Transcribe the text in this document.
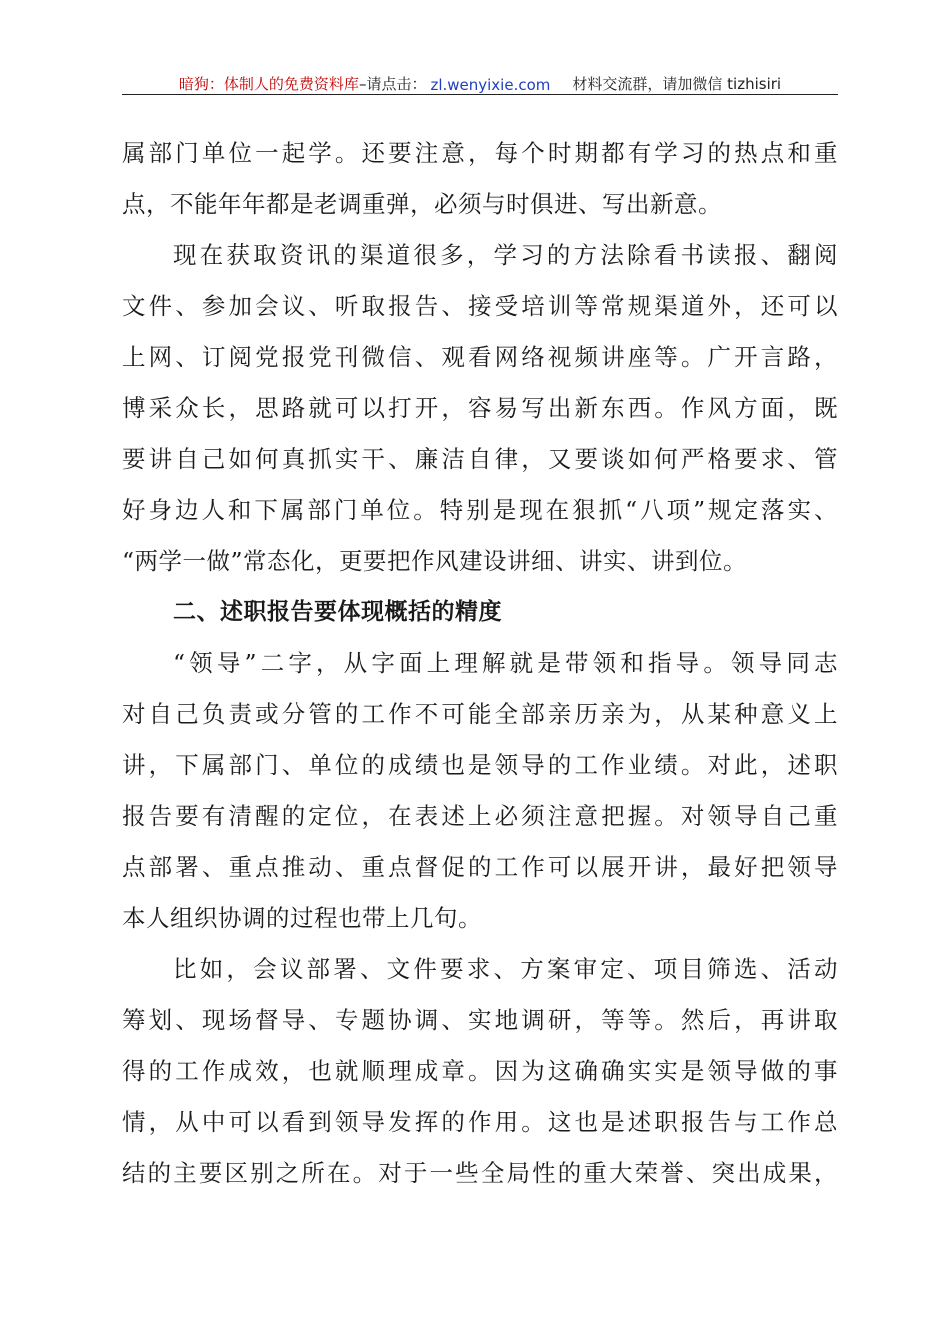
暗狗：体制人的免费资料库 –请点击： zl.wenyixie.com 材料交流群，请加微信 tizhisiri
属部门单位一起学。还要注意，每个时期都有学习的热点和重
点，不能年年都是老调重弹，必须与时俱进、写出新意。
现在获取资讯的渠道很多，学习的方法除看书读报、翻阅
文件、参加会议、听取报告、接受培训等常规渠道外，还可以
上网、订阅党报党刊微信、观看网络视频讲座等。广开言路，
博采众长，思路就可以打开，容易写出新东西。作风方面，既
要讲自己如何真抓实干、廉洁自律，又要谈如何严格要求、管
好身边人和下属部门单位。特别是现在狠抓“八项”规定落实、
“两学一做”常态化，更要把作风建设讲细、讲实、讲到位。
二、述职报告要体现概括的精度
“领导”二字，从字面上理解就是带领和指导。领导同志
对自己负责或分管的工作不可能全部亲历亲为，从某种意义上
讲，下属部门、单位的成绩也是领导的工作业绩。对此，述职
报告要有清醒的定位，在表述上必须注意把握。对领导自己重
点部署、重点推动、重点督促的工作可以展开讲，最好把领导
本人组织协调的过程也带上几句。
比如，会议部署、文件要求、方案审定、项目筛选、活动
筹划、现场督导、专题协调、实地调研，等等。然后，再讲取
得的工作成效，也就顺理成章。因为这确确实实是领导做的事
情，从中可以看到领导发挥的作用。这也是述职报告与工作总
结的主要区别之所在。对于一些全局性的重大荣誉、突出成果，
